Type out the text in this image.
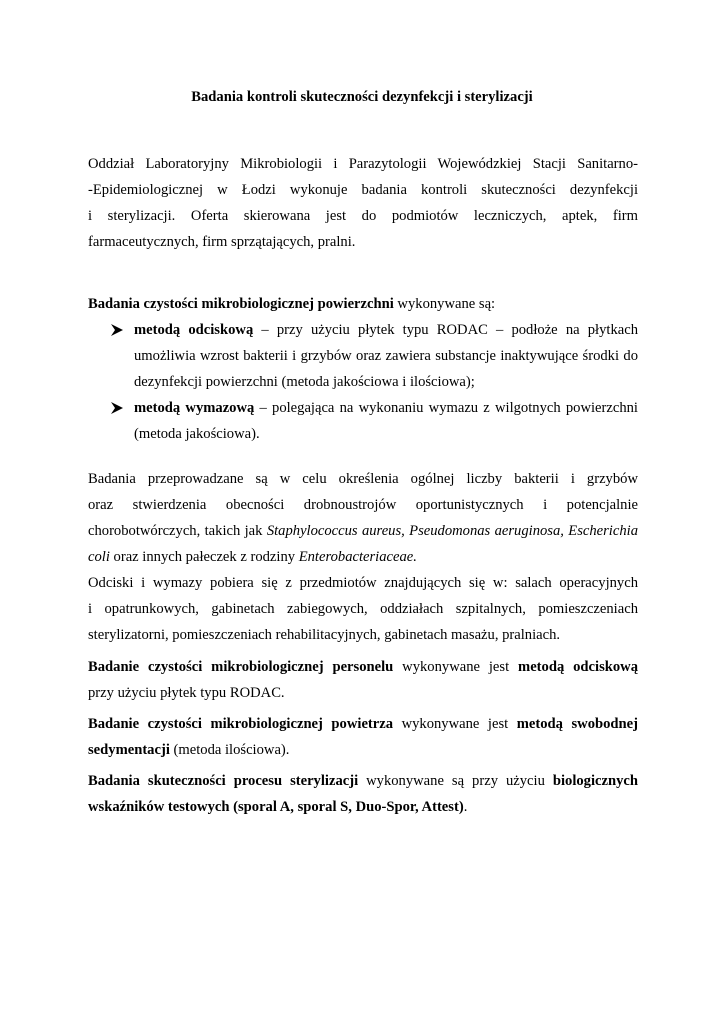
Badania kontroli skuteczności dezynfekcji i sterylizacji
Oddział Laboratoryjny Mikrobiologii i Parazytologii Wojewódzkiej Stacji Sanitarno-
-Epidemiologicznej w Łodzi wykonuje badania kontroli skuteczności dezynfekcji
i sterylizacji. Oferta skierowana jest do podmiotów leczniczych, aptek, firm
farmaceutycznych, firm sprzątających, pralni.
Badania czystości mikrobiologicznej powierzchni wykonywane są:
metodą odciskową – przy użyciu płytek typu RODAC – podłoże na płytkach
umożliwia wzrost bakterii i grzybów oraz zawiera substancje inaktywujące środki do
dezynfekcji powierzchni (metoda jakościowa i ilościowa);
metodą wymazową – polegająca na wykonaniu wymazu z wilgotnych powierzchni
(metoda jakościowa).
Badania przeprowadzane są w celu określenia ogólnej liczby bakterii i grzybów
oraz stwierdzenia obecności drobnoustrojów oportunistycznych i potencjalnie
chorobotwórczych, takich jak Staphylococcus aureus, Pseudomonas aeruginosa, Escherichia
coli oraz innych pałeczek z rodziny Enterobacteriaceae.
Odciski i wymazy pobiera się z przedmiotów znajdujących się w: salach operacyjnych
i opatrunkowych, gabinetach zabiegowych, oddziałach szpitalnych, pomieszczeniach
sterylizatorni, pomieszczeniach rehabilitacyjnych, gabinetach masażu, pralniach.
Badanie czystości mikrobiologicznej personelu wykonywane jest metodą odciskową
przy użyciu płytek typu RODAC.
Badanie czystości mikrobiologicznej powietrza wykonywane jest metodą swobodnej
sedymentacji (metoda ilościowa).
Badania skuteczności procesu sterylizacji wykonywane są przy użyciu biologicznych
wskaźników testowych (sporal A, sporal S, Duo-Spor, Attest).
